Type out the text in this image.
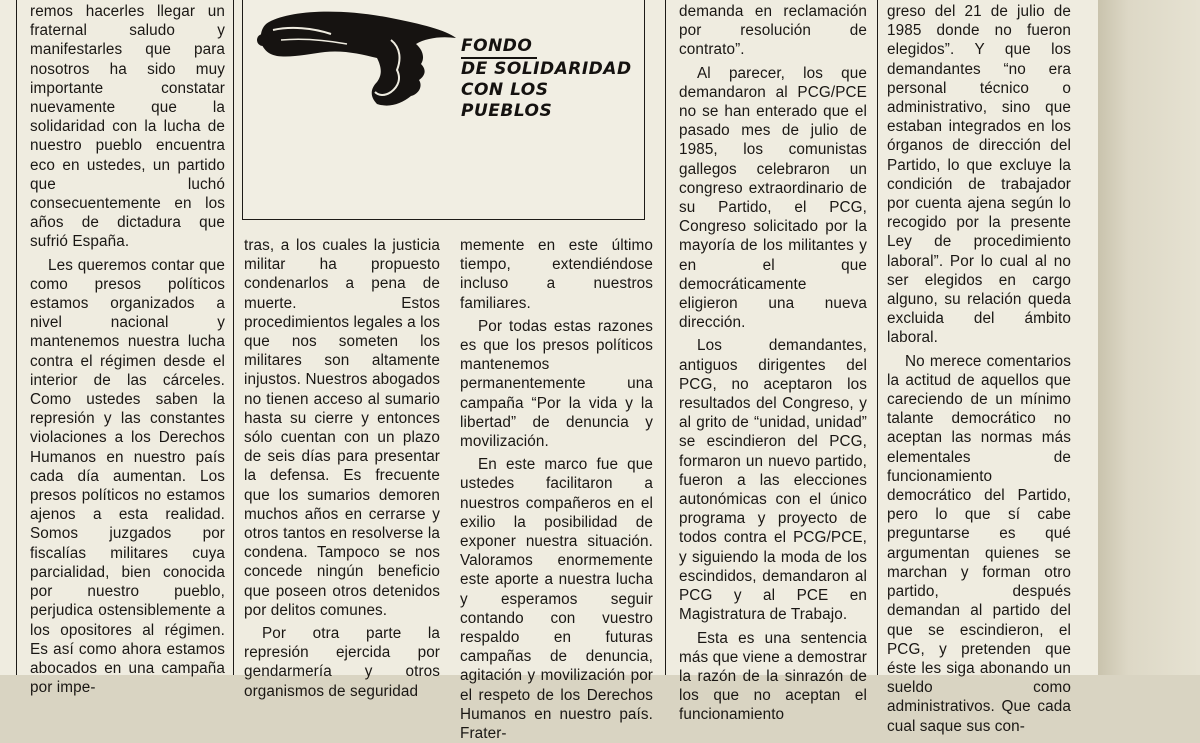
remos hacerles llegar un fraternal saludo y manifestarles que para nosotros ha sido muy importante constatar nuevamente que la solidaridad con la lucha de nuestro pueblo encuentra eco en ustedes, un partido que luchó consecuentemente en los años de dictadura que sufrió España.

Les queremos contar que como presos políticos estamos organizados a nivel nacional y mantenemos nuestra lucha contra el régimen desde el interior de las cárceles. Como ustedes saben la represión y las constantes violaciones a los Derechos Humanos en nuestro país cada día aumentan. Los presos políticos no estamos ajenos a esta realidad. Somos juzgados por fiscalías militares cuya parcialidad, bien conocida por nuestro pueblo, perjudica ostensiblemente a los opositores al régimen. Es así como ahora estamos abocados en una campaña por impe-

FONDO
DE SOLIDARIDAD
CON LOS
PUEBLOS

tras, a los cuales la justicia militar ha propuesto condenarlos a pena de muerte. Estos procedimientos legales a los que nos someten los militares son altamente injustos. Nuestros abogados no tienen acceso al sumario hasta su cierre y entonces sólo cuentan con un plazo de seis días para presentar la defensa. Es frecuente que los sumarios demoren muchos años en cerrarse y otros tantos en resolverse la condena. Tampoco se nos concede ningún beneficio que poseen otros detenidos por delitos comunes.

Por otra parte la represión ejercida por gendarmería y otros organismos de seguridad

memente en este último tiempo, extendiéndose incluso a nuestros familiares.

Por todas estas razones es que los presos políticos mantenemos permanentemente una campaña “Por la vida y la libertad” de denuncia y movilización.

En este marco fue que ustedes facilitaron a nuestros compañeros en el exilio la posibilidad de exponer nuestra situación. Valoramos enormemente este aporte a nuestra lucha y esperamos seguir contando con vuestro respaldo en futuras campañas de denuncia, agitación y movilización por el respeto de los Derechos Humanos en nuestro país. Frater-

demanda en reclamación por resolución de contrato”.

Al parecer, los que demandaron al PCG/PCE no se han enterado que el pasado mes de julio de 1985, los comunistas gallegos celebraron un congreso extraordinario de su Partido, el PCG, Congreso solicitado por la mayoría de los militantes y en el que democráticamente eligieron una nueva dirección.

Los demandantes, antiguos dirigentes del PCG, no aceptaron los resultados del Congreso, y al grito de “unidad, unidad” se escindieron del PCG, formaron un nuevo partido, fueron a las elecciones autonómicas con el único programa y proyecto de todos contra el PCG/PCE, y siguiendo la moda de los escindidos, demandaron al PCG y al PCE en Magistratura de Trabajo.

Esta es una sentencia más que viene a demostrar la razón de la sinrazón de los que no aceptan el funcionamiento

greso del 21 de julio de 1985 donde no fueron elegidos”. Y que los demandantes “no era personal técnico o administrativo, sino que estaban integrados en los órganos de dirección del Partido, lo que excluye la condición de trabajador por cuenta ajena según lo recogido por la presente Ley de procedimiento laboral”. Por lo cual al no ser elegidos en cargo alguno, su relación queda excluida del ámbito laboral.

No merece comentarios la actitud de aquellos que careciendo de un mínimo talante democrático no aceptan las normas más elementales de funcionamiento democrático del Partido, pero lo que sí cabe preguntarse es qué argumentan quienes se marchan y forman otro partido, después demandan al partido del que se escindieron, el PCG, y pretenden que éste les siga abonando un sueldo como administrativos. Que cada cual saque sus con-
